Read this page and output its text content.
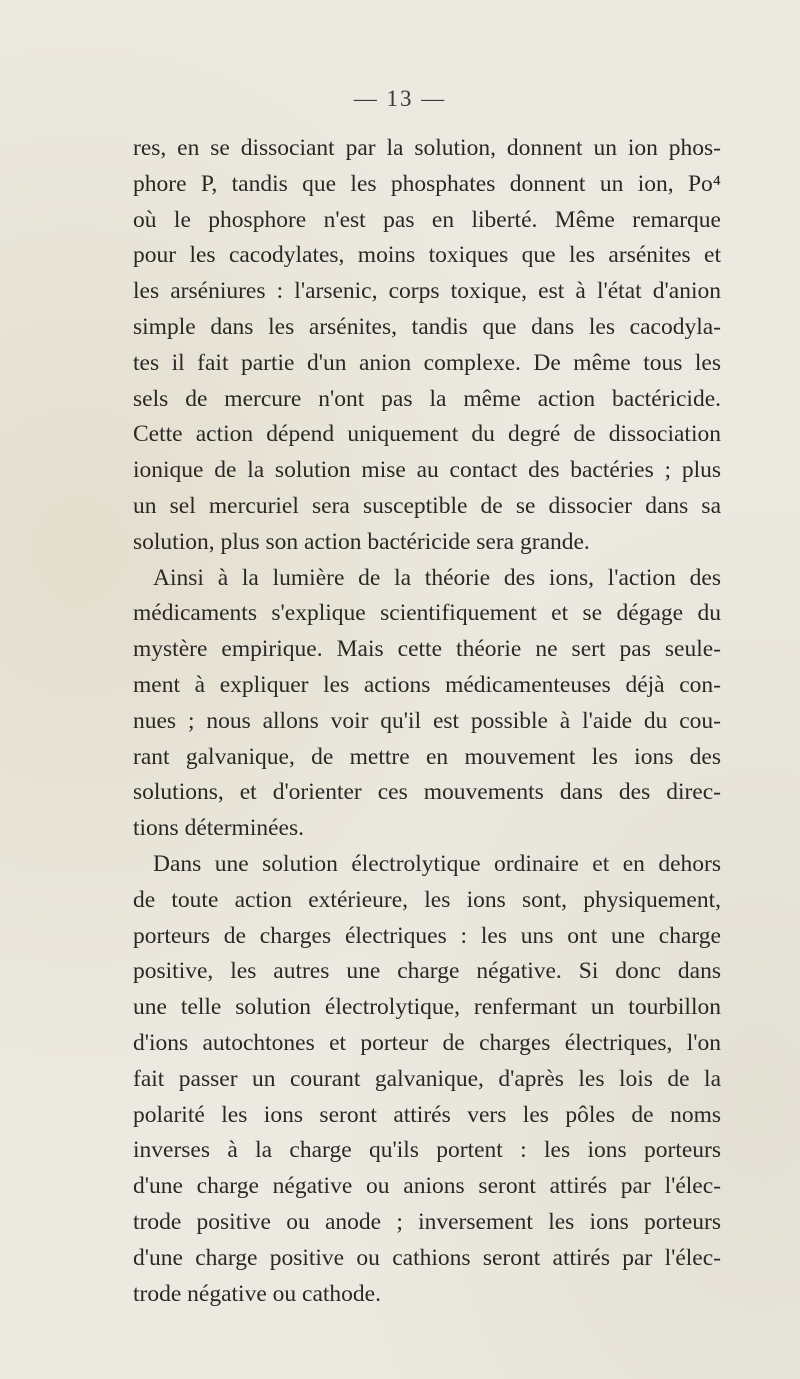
— 13 —
res, en se dissociant par la solution, donnent un ion phos-
phore P, tandis que les phosphates donnent un ion, Po⁴
où le phosphore n'est pas en liberté. Même remarque
pour les cacodylates, moins toxiques que les arsénites et
les arséniures : l'arsenic, corps toxique, est à l'état d'anion
simple dans les arsénites, tandis que dans les cacodyla-
tes il fait partie d'un anion complexe. De même tous les
sels de mercure n'ont pas la même action bactéricide.
Cette action dépend uniquement du degré de dissociation
ionique de la solution mise au contact des bactéries ; plus
un sel mercuriel sera susceptible de se dissocier dans sa
solution, plus son action bactéricide sera grande.
Ainsi à la lumière de la théorie des ions, l'action des
médicaments s'explique scientifiquement et se dégage du
mystère empirique. Mais cette théorie ne sert pas seule-
ment à expliquer les actions médicamenteuses déjà con-
nues ; nous allons voir qu'il est possible à l'aide du cou-
rant galvanique, de mettre en mouvement les ions des
solutions, et d'orienter ces mouvements dans des direc-
tions déterminées.
Dans une solution électrolytique ordinaire et en dehors
de toute action extérieure, les ions sont, physiquement,
porteurs de charges électriques : les uns ont une charge
positive, les autres une charge négative. Si donc dans
une telle solution électrolytique, renfermant un tourbillon
d'ions autochtones et porteur de charges électriques, l'on
fait passer un courant galvanique, d'après les lois de la
polarité les ions seront attirés vers les pôles de noms
inverses à la charge qu'ils portent : les ions porteurs
d'une charge négative ou anions seront attirés par l'élec-
trode positive ou anode ; inversement les ions porteurs
d'une charge positive ou cathions seront attirés par l'élec-
trode négative ou cathode.
